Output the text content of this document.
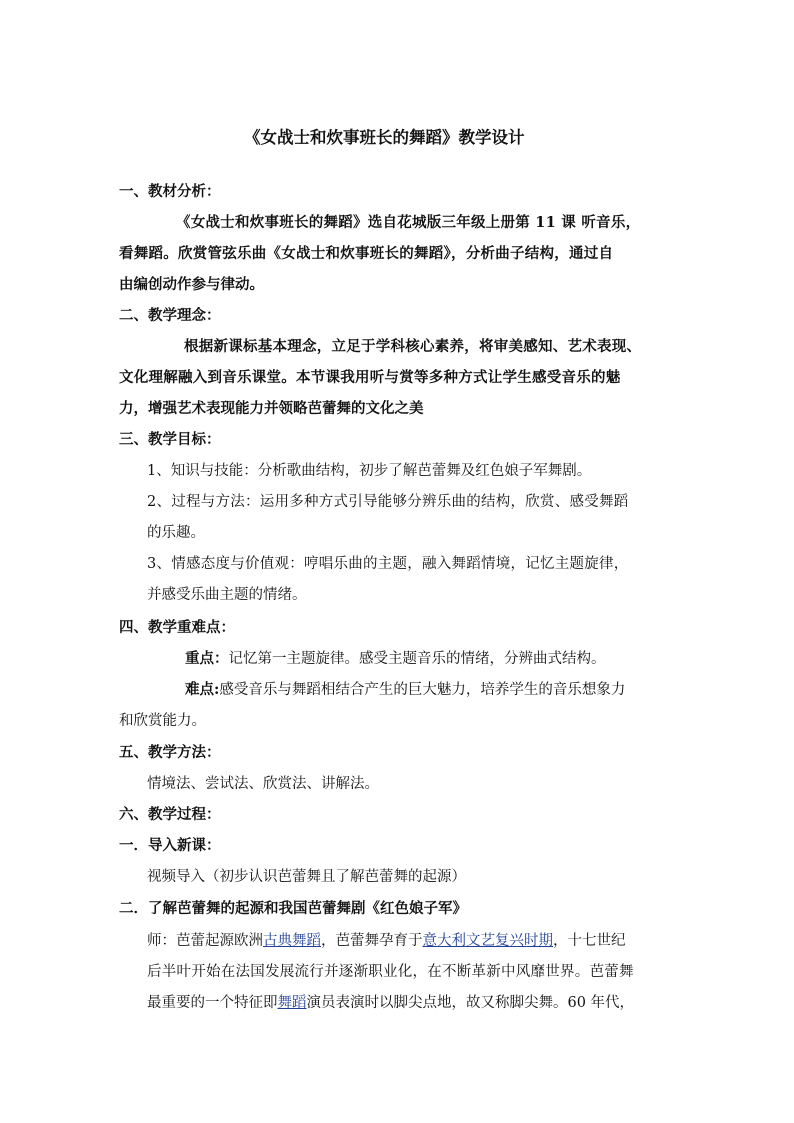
《女战士和炊事班长的舞蹈》教学设计
一、教材分析：
《女战士和炊事班长的舞蹈》选自花城版三年级上册第 11 课 听音乐，
看舞蹈。欣赏管弦乐曲《女战士和炊事班长的舞蹈》，分析曲子结构，通过自
由编创动作参与律动。
二、教学理念：
根据新课标基本理念，立足于学科核心素养，将审美感知、艺术表现、
文化理解融入到音乐课堂。本节课我用听与赏等多种方式让学生感受音乐的魅
力，增强艺术表现能力并领略芭蕾舞的文化之美
三、教学目标：
1、知识与技能：分析歌曲结构，初步了解芭蕾舞及红色娘子军舞剧。
2、过程与方法：运用多种方式引导能够分辨乐曲的结构，欣赏、感受舞蹈
的乐趣。
3、情感态度与价值观：哼唱乐曲的主题，融入舞蹈情境，记忆主题旋律，
并感受乐曲主题的情绪。
四、教学重难点：
重点：记忆第一主题旋律。感受主题音乐的情绪，分辨曲式结构。
难点:感受音乐与舞蹈相结合产生的巨大魅力，培养学生的音乐想象力
和欣赏能力。
五、教学方法：
情境法、尝试法、欣赏法、讲解法。
六、教学过程：
一．导入新课：
视频导入（初步认识芭蕾舞且了解芭蕾舞的起源）
二．了解芭蕾舞的起源和我国芭蕾舞剧《红色娘子军》
师：芭蕾起源欧洲古典舞蹈，芭蕾舞孕育于意大利文艺复兴时期，十七世纪
后半叶开始在法国发展流行并逐渐职业化，在不断革新中风靡世界。芭蕾舞
最重要的一个特征即舞蹈演员表演时以脚尖点地，故又称脚尖舞。60 年代，
